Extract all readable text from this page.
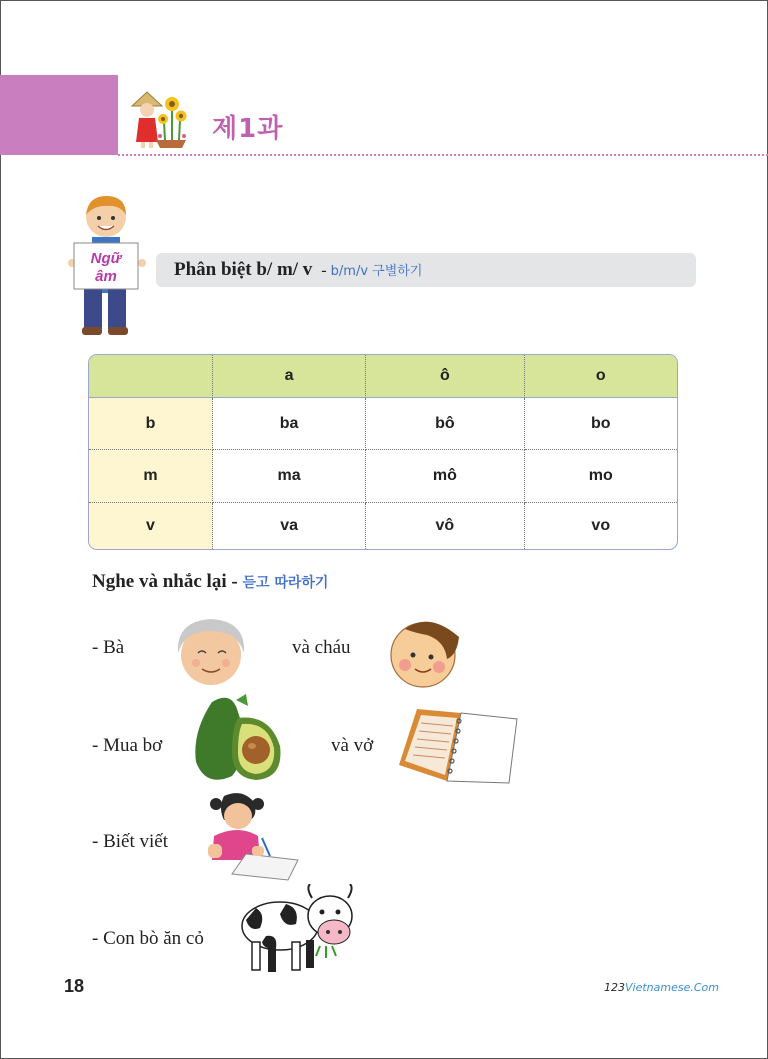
제1과
Ngữ
âm	Phân biệt b/ m/ v - b/m/v 구별하기
	a	ô	o
b	ba	bô	bo
m	ma	mô	mo
v	va	vô	vo
Nghe và nhắc lại - 듣고 따라하기
- Bà	và cháu
- Mua bơ	và vở
- Biết viết
- Con bò ăn cỏ
18	123Vietnamese.Com
